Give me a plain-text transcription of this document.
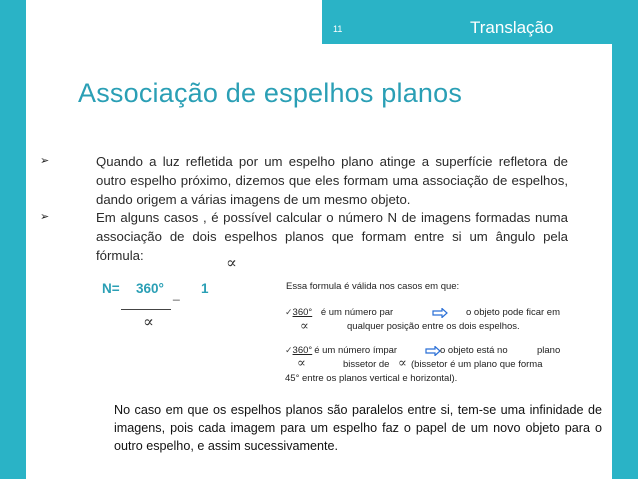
11	Translação
Associação de espelhos planos
➢	Quando a luz refletida por um espelho plano atinge a superfície refletora de outro espelho próximo, dizemos que eles formam uma associação de espelhos, dando origem a várias imagens de um mesmo objeto.
➢	Em alguns casos , é possível calcular o número N de imagens formadas numa associação de dois espelhos planos que formam entre si um ângulo pela fórmula:	∝
N= 360°	1
_
∝
Essa formula é válida nos casos em que:
✓360° é um número par	o objeto pode ficar em
∝	qualquer posição entre os dois espelhos.
✓360° é um número ímpar	o objeto está no	plano
∝	bissetor de ∝ (bissetor é um plano que forma
45° entre os planos vertical e horizontal).
No caso em que os espelhos planos são paralelos entre si, tem-se uma infinidade de imagens, pois cada imagem para um espelho faz o papel de um novo objeto para o outro espelho, e assim sucessivamente.
